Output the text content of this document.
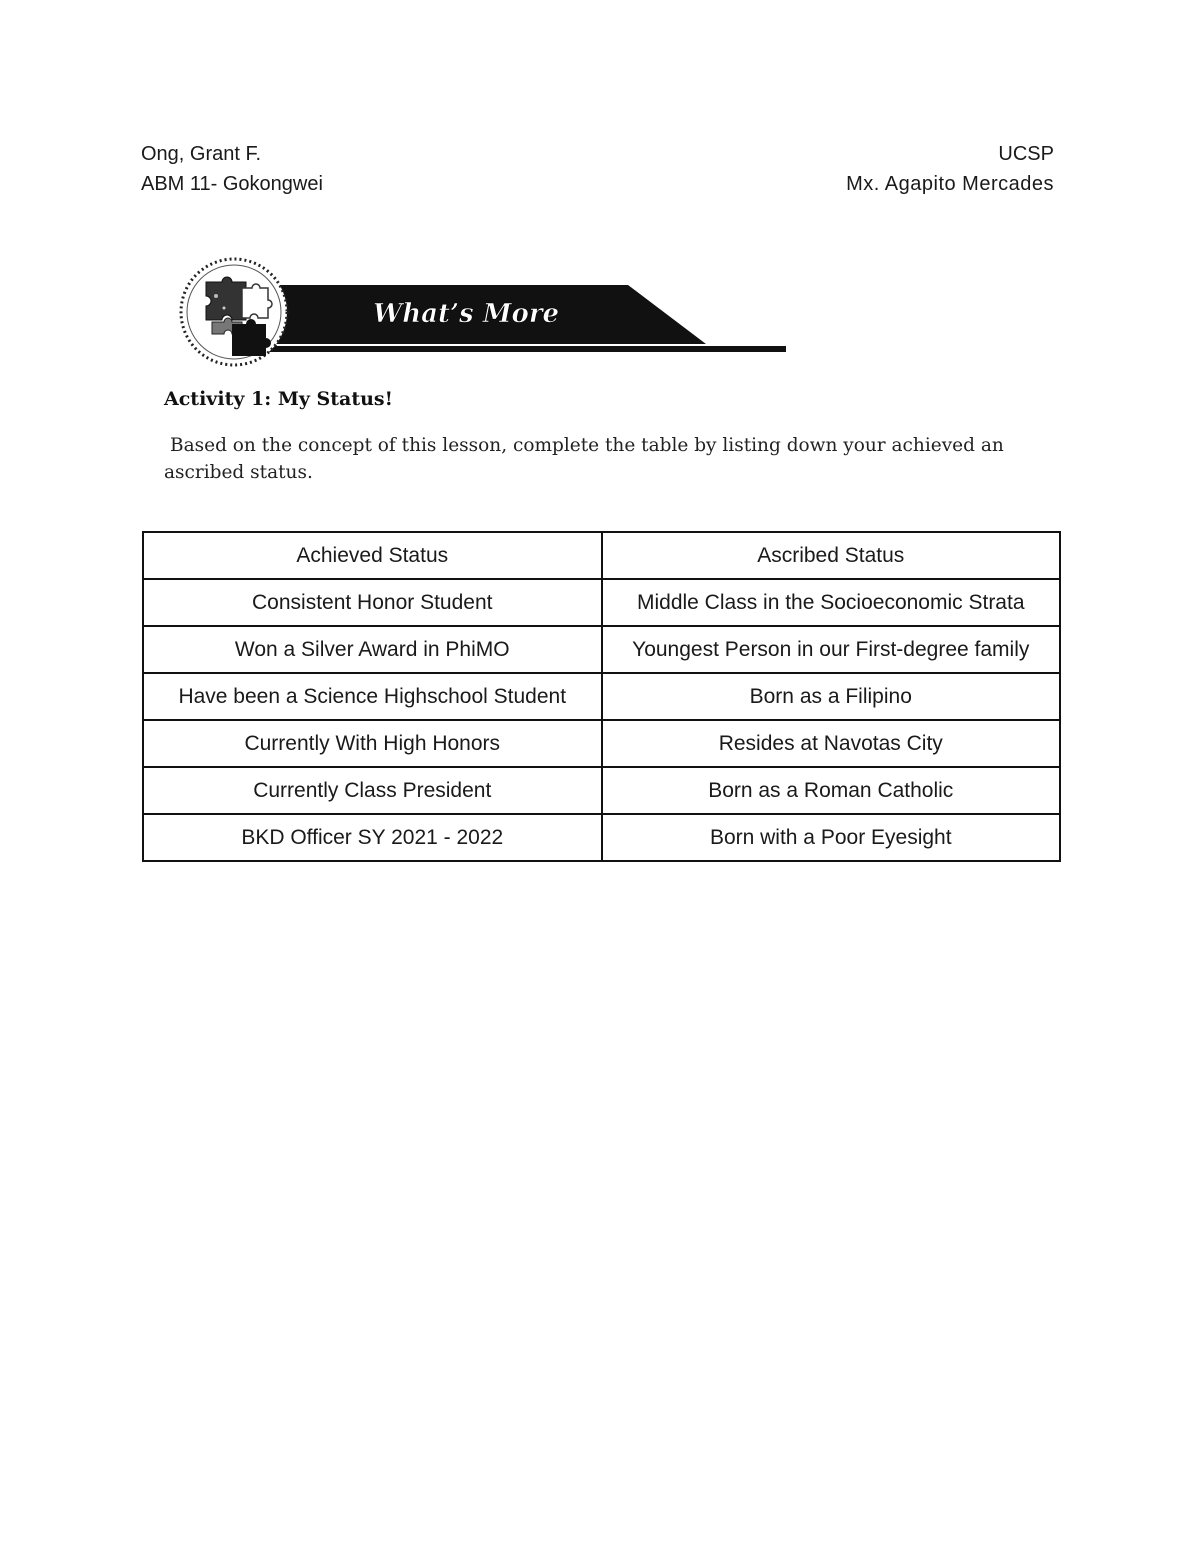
Ong, Grant F.
ABM 11- Gokongwei
UCSP
Mx. Agapito Mercades
What’s More
Activity 1: My Status!
Based on the concept of this lesson, complete the table by listing down your achieved an ascribed status.
Achieved Status	Ascribed Status
Consistent Honor Student	Middle Class in the Socioeconomic Strata
Won a Silver Award in PhiMO	Youngest Person in our First-degree family
Have been a Science Highschool Student	Born as a Filipino
Currently With High Honors	Resides at Navotas City
Currently Class President	Born as a Roman Catholic
BKD Officer SY 2021 - 2022	Born with a Poor Eyesight
